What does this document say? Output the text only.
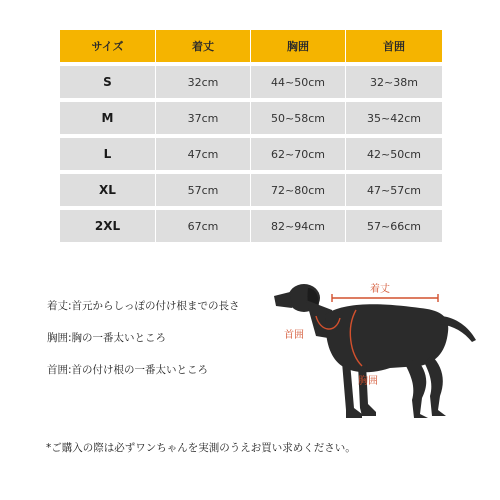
サイズ	着丈	胸囲	首囲
S	32cm	44~50cm	32~38m
M	37cm	50~58cm	35~42cm
L	47cm	62~70cm	42~50cm
XL	57cm	72~80cm	47~57cm
2XL	67cm	82~94cm	57~66cm
着丈:首元からしっぽの付け根までの長さ
胸囲:胸の一番太いところ
首囲:首の付け根の一番太いところ
着丈
首囲
胸囲
*ご購入の際は必ずワンちゃんを実測のうえお買い求めください。
